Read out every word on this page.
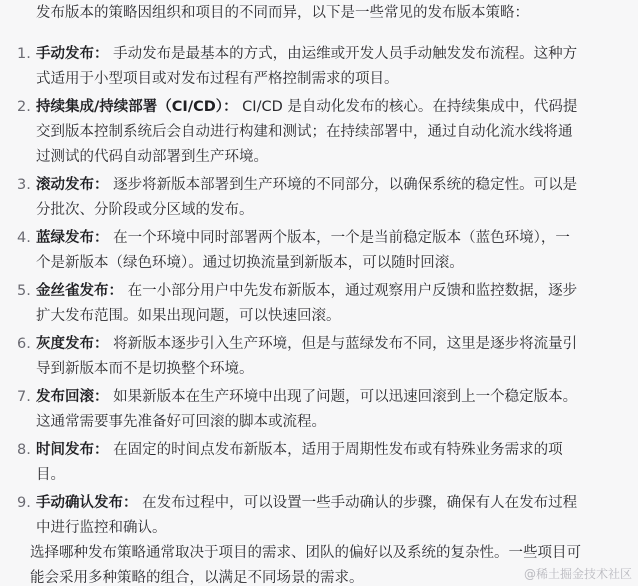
发布版本的策略因组织和项目的不同而异，以下是一些常见的发布版本策略：

1. 手动发布： 手动发布是最基本的方式，由运维或开发人员手动触发发布流程。这种方式适用于小型项目或对发布过程有严格控制需求的项目。

2. 持续集成/持续部署（CI/CD）： CI/CD 是自动化发布的核心。在持续集成中，代码提交到版本控制系统后会自动进行构建和测试；在持续部署中，通过自动化流水线将通过测试的代码自动部署到生产环境。

3. 滚动发布： 逐步将新版本部署到生产环境的不同部分，以确保系统的稳定性。可以是分批次、分阶段或分区域的发布。

4. 蓝绿发布： 在一个环境中同时部署两个版本，一个是当前稳定版本（蓝色环境），一个是新版本（绿色环境）。通过切换流量到新版本，可以随时回滚。

5. 金丝雀发布： 在一小部分用户中先发布新版本，通过观察用户反馈和监控数据，逐步扩大发布范围。如果出现问题，可以快速回滚。

6. 灰度发布： 将新版本逐步引入生产环境，但是与蓝绿发布不同，这里是逐步将流量引导到新版本而不是切换整个环境。

7. 发布回滚： 如果新版本在生产环境中出现了问题，可以迅速回滚到上一个稳定版本。这通常需要事先准备好可回滚的脚本或流程。

8. 时间发布： 在固定的时间点发布新版本，适用于周期性发布或有特殊业务需求的项目。

9. 手动确认发布： 在发布过程中，可以设置一些手动确认的步骤，确保有人在发布过程中进行监控和确认。

选择哪种发布策略通常取决于项目的需求、团队的偏好以及系统的复杂性。一些项目可能会采用多种策略的组合，以满足不同场景的需求。	@稀土掘金技术社区
